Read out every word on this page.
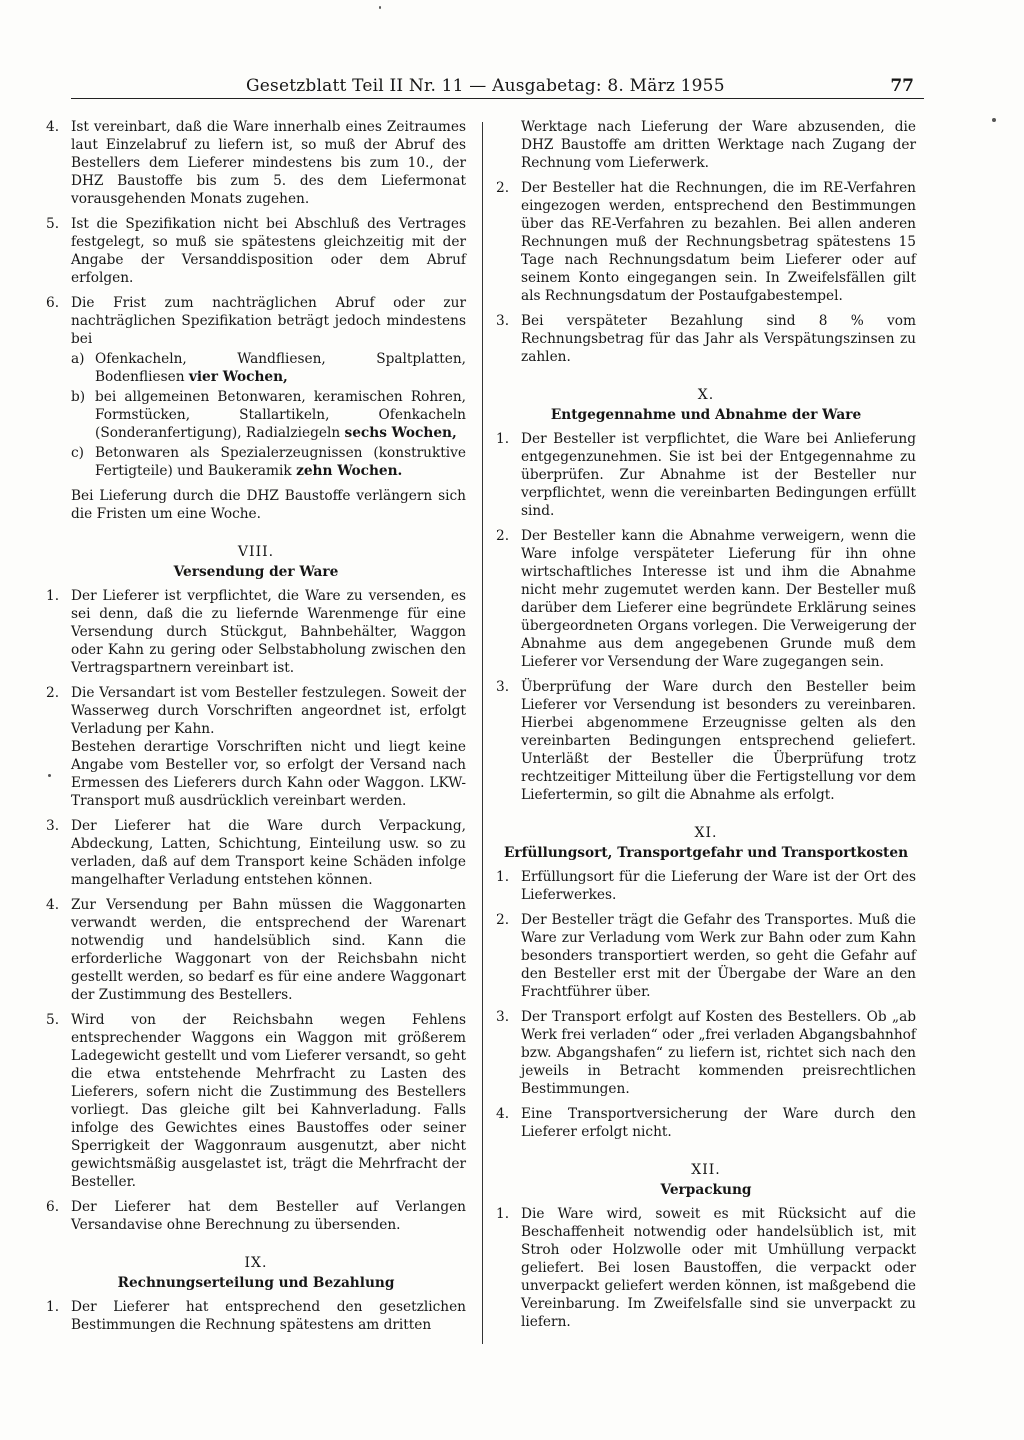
Gesetzblatt Teil II Nr. 11 — Ausgabetag: 8. März 1955	77
4. Ist vereinbart, daß die Ware innerhalb eines Zeitraumes laut Einzelabruf zu liefern ist, so muß der Abruf des Bestellers dem Lieferer mindestens bis zum 10., der DHZ Baustoffe bis zum 5. des dem Liefermonat vorausgehenden Monats zugehen.
5. Ist die Spezifikation nicht bei Abschluß des Vertrages festgelegt, so muß sie spätestens gleichzeitig mit der Angabe der Versanddisposition oder dem Abruf erfolgen.
6. Die Frist zum nachträglichen Abruf oder zur nachträglichen Spezifikation beträgt jedoch mindestens bei
a) Ofenkacheln, Wandfliesen, Spaltplatten, Bodenfliesen vier Wochen,
b) bei allgemeinen Betonwaren, keramischen Rohren, Formstücken, Stallartikeln, Ofenkacheln (Sonderanfertigung), Radialziegeln sechs Wochen,
c) Betonwaren als Spezialerzeugnissen (konstruktive Fertigteile) und Baukeramik zehn Wochen.
Bei Lieferung durch die DHZ Baustoffe verlängern sich die Fristen um eine Woche.
VIII.
Versendung der Ware
1. Der Lieferer ist verpflichtet, die Ware zu versenden, es sei denn, daß die zu liefernde Warenmenge für eine Versendung durch Stückgut, Bahnbehälter, Waggon oder Kahn zu gering oder Selbstabholung zwischen den Vertragspartnern vereinbart ist.
2. Die Versandart ist vom Besteller festzulegen. Soweit der Wasserweg durch Vorschriften angeordnet ist, erfolgt Verladung per Kahn.
Bestehen derartige Vorschriften nicht und liegt keine Angabe vom Besteller vor, so erfolgt der Versand nach Ermessen des Lieferers durch Kahn oder Waggon. LKW-Transport muß ausdrücklich vereinbart werden.
3. Der Lieferer hat die Ware durch Verpackung, Abdeckung, Latten, Schichtung, Einteilung usw. so zu verladen, daß auf dem Transport keine Schäden infolge mangelhafter Verladung entstehen können.
4. Zur Versendung per Bahn müssen die Waggonarten verwandt werden, die entsprechend der Warenart notwendig und handelsüblich sind. Kann die erforderliche Waggonart von der Reichsbahn nicht gestellt werden, so bedarf es für eine andere Waggonart der Zustimmung des Bestellers.
5. Wird von der Reichsbahn wegen Fehlens entsprechender Waggons ein Waggon mit größerem Ladegewicht gestellt und vom Lieferer versandt, so geht die etwa entstehende Mehrfracht zu Lasten des Lieferers, sofern nicht die Zustimmung des Bestellers vorliegt. Das gleiche gilt bei Kahnverladung. Falls infolge des Gewichtes eines Baustoffes oder seiner Sperrigkeit der Waggonraum ausgenutzt, aber nicht gewichtsmäßig ausgelastet ist, trägt die Mehrfracht der Besteller.
6. Der Lieferer hat dem Besteller auf Verlangen Versandavise ohne Berechnung zu übersenden.
IX.
Rechnungserteilung und Bezahlung
1. Der Lieferer hat entsprechend den gesetzlichen Bestimmungen die Rechnung spätestens am dritten
Werktage nach Lieferung der Ware abzusenden, die DHZ Baustoffe am dritten Werktage nach Zugang der Rechnung vom Lieferwerk.
2. Der Besteller hat die Rechnungen, die im RE-Verfahren eingezogen werden, entsprechend den Bestimmungen über das RE-Verfahren zu bezahlen. Bei allen anderen Rechnungen muß der Rechnungsbetrag spätestens 15 Tage nach Rechnungsdatum beim Lieferer oder auf seinem Konto eingegangen sein. In Zweifelsfällen gilt als Rechnungsdatum der Postaufgabestempel.
3. Bei verspäteter Bezahlung sind 8 % vom Rechnungsbetrag für das Jahr als Verspätungszinsen zu zahlen.
X.
Entgegennahme und Abnahme der Ware
1. Der Besteller ist verpflichtet, die Ware bei Anlieferung entgegenzunehmen. Sie ist bei der Entgegennahme zu überprüfen. Zur Abnahme ist der Besteller nur verpflichtet, wenn die vereinbarten Bedingungen erfüllt sind.
2. Der Besteller kann die Abnahme verweigern, wenn die Ware infolge verspäteter Lieferung für ihn ohne wirtschaftliches Interesse ist und ihm die Abnahme nicht mehr zugemutet werden kann. Der Besteller muß darüber dem Lieferer eine begründete Erklärung seines übergeordneten Organs vorlegen. Die Verweigerung der Abnahme aus dem angegebenen Grunde muß dem Lieferer vor Versendung der Ware zugegangen sein.
3. Überprüfung der Ware durch den Besteller beim Lieferer vor Versendung ist besonders zu vereinbaren. Hierbei abgenommene Erzeugnisse gelten als den vereinbarten Bedingungen entsprechend geliefert. Unterläßt der Besteller die Überprüfung trotz rechtzeitiger Mitteilung über die Fertigstellung vor dem Liefertermin, so gilt die Abnahme als erfolgt.
XI.
Erfüllungsort, Transportgefahr und Transportkosten
1. Erfüllungsort für die Lieferung der Ware ist der Ort des Lieferwerkes.
2. Der Besteller trägt die Gefahr des Transportes. Muß die Ware zur Verladung vom Werk zur Bahn oder zum Kahn besonders transportiert werden, so geht die Gefahr auf den Besteller erst mit der Übergabe der Ware an den Frachtführer über.
3. Der Transport erfolgt auf Kosten des Bestellers. Ob „ab Werk frei verladen“ oder „frei verladen Abgangsbahnhof bzw. Abgangshafen“ zu liefern ist, richtet sich nach den jeweils in Betracht kommenden preisrechtlichen Bestimmungen.
4. Eine Transportversicherung der Ware durch den Lieferer erfolgt nicht.
XII.
Verpackung
1. Die Ware wird, soweit es mit Rücksicht auf die Beschaffenheit notwendig oder handelsüblich ist, mit Stroh oder Holzwolle oder mit Umhüllung verpackt geliefert. Bei losen Baustoffen, die verpackt oder unverpackt geliefert werden können, ist maßgebend die Vereinbarung. Im Zweifelsfalle sind sie unverpackt zu liefern.
